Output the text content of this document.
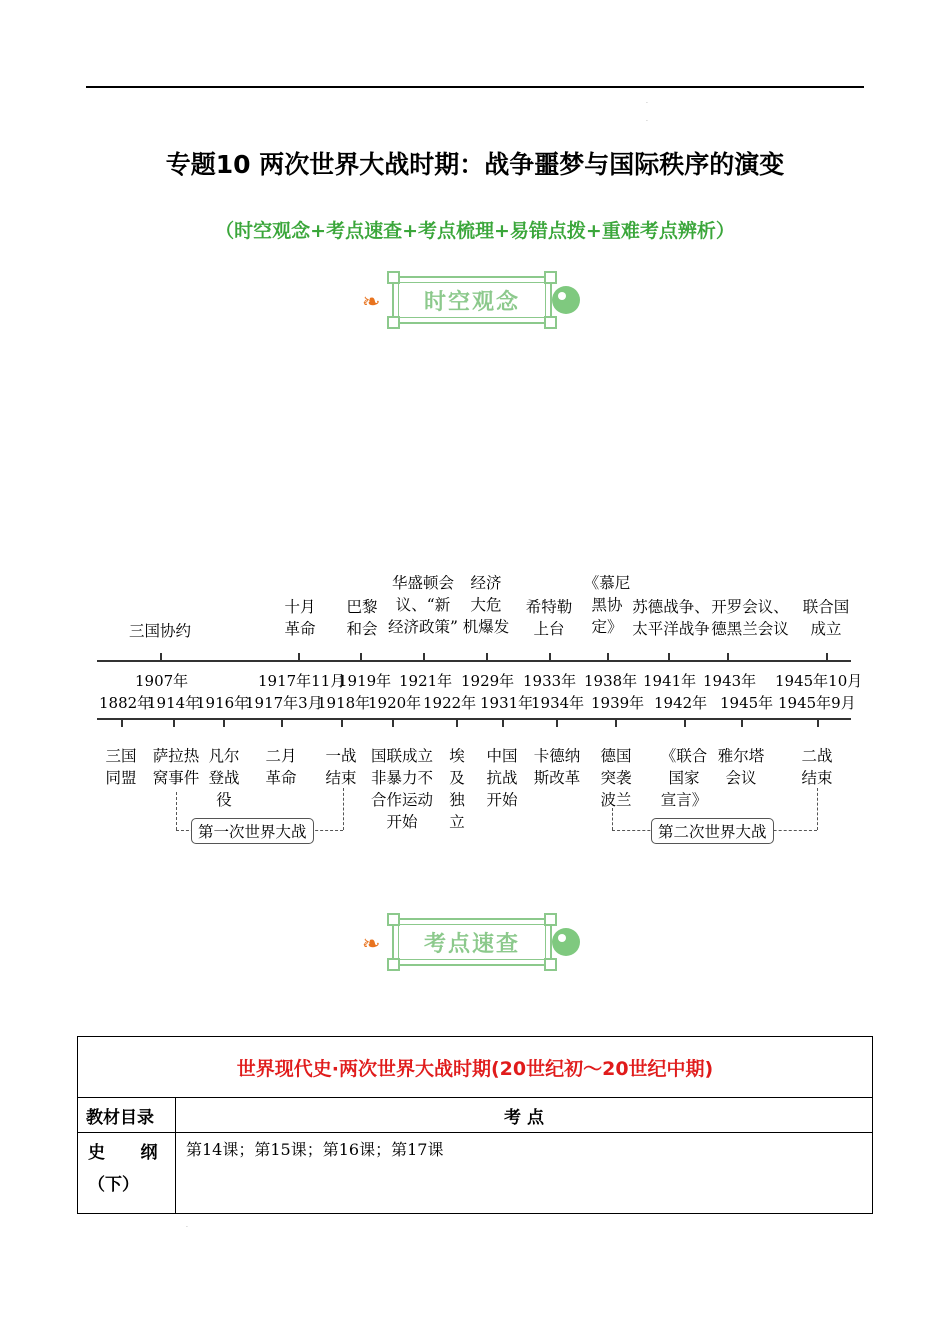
.
.
专题10 两次世界大战时期：战争噩梦与国际秩序的演变
（时空观念+考点速查+考点梳理+易错点拨+重难考点辨析）
❧	时空观念
三国协约
十月
革命
巴黎
和会
华盛顿会
议、“新
经济政策”
经济
大危
机爆发
希特勒
上台
《慕尼
黑协
定》
苏德战争、
太平洋战争
开罗会议、
德黑兰会议
联合国
成立
1907年	1917年11月
1919年 1921年 1929年 1933年 1938年 1941年 1943年 1945年10月
1882年
1914年
1916年
1917年3月
1918年
1920年 1922年 1931年
1934年 1939年 1942年 1945年 1945年9月
三国
同盟
萨拉热
窝事件
凡尔
登战
役
二月
革命
一战
结束
国联成立
非暴力不
合作运动
开始
埃
及
独
立
中国
抗战
开始
卡德纳
斯改革
德国
突袭
波兰
《联合
国家
宣言》
雅尔塔
会议
二战
结束
第一次世界大战	第二次世界大战
❧	考点速查
世界现代史·两次世界大战时期(20世纪初～20世纪中期)	
教材目录	考 点

史      纲
（下）	第14课；第15课；第16课；第17课
.
